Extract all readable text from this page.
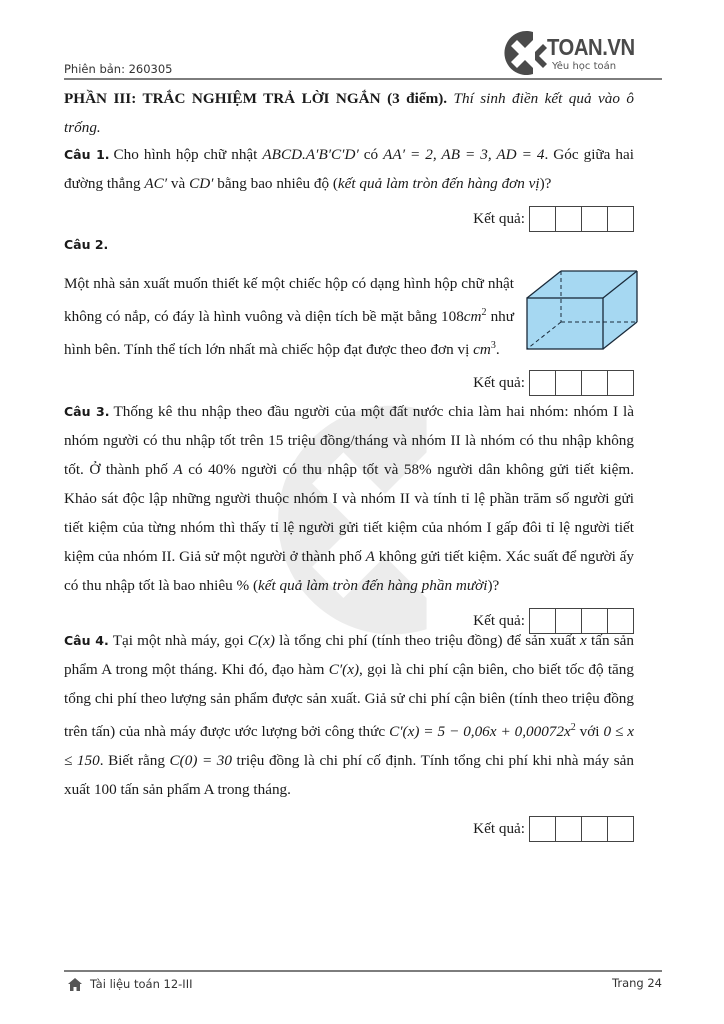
TOAN.VN
Yêu học toán
Phiên bản: 260305

PHẦN III: TRẮC NGHIỆM TRẢ LỜI NGẮN (3 điểm). Thí sinh điền kết quả vào ô trống.

Câu 1. Cho hình hộp chữ nhật ABCD.A′B′C′D′ có AA′ = 2, AB = 3, AD = 4. Góc giữa hai đường thẳng AC′ và CD′ bằng bao nhiêu độ (kết quả làm tròn đến hàng đơn vị)?

Kết quả:

Câu 2.

Một nhà sản xuất muốn thiết kế một chiếc hộp có dạng hình hộp chữ nhật không có nắp, có đáy là hình vuông và diện tích bề mặt bằng $108cm^2$ như hình bên. Tính thể tích lớn nhất mà chiếc hộp đạt được theo đơn vị $cm^3$.

Kết quả:

Câu 3. Thống kê thu nhập theo đầu người của một đất nước chia làm hai nhóm: nhóm I là nhóm người có thu nhập tốt trên 15 triệu đồng/tháng và nhóm II là nhóm có thu nhập không tốt. Ở thành phố A có 40% người có thu nhập tốt và 58% người dân không gửi tiết kiệm. Khảo sát độc lập những người thuộc nhóm I và nhóm II và tính tỉ lệ phần trăm số người gửi tiết kiệm của từng nhóm thì thấy tỉ lệ người gửi tiết kiệm của nhóm I gấp đôi tỉ lệ người tiết kiệm của nhóm II. Giả sử một người ở thành phố A không gửi tiết kiệm. Xác suất để người ấy có thu nhập tốt là bao nhiêu % (kết quả làm tròn đến hàng phần mười)?

Kết quả:

Câu 4. Tại một nhà máy, gọi C(x) là tổng chi phí (tính theo triệu đồng) để sản xuất x tấn sản phẩm A trong một tháng. Khi đó, đạo hàm C′(x), gọi là chi phí cận biên, cho biết tốc độ tăng tổng chi phí theo lượng sản phẩm được sản xuất. Giả sử chi phí cận biên (tính theo triệu đồng trên tấn) của nhà máy được ước lượng bởi công thức $C'(x) = 5 - 0,06x + 0,00072x^2$ với 0 ≤ x ≤ 150. Biết rằng C(0) = 30 triệu đồng là chi phí cố định. Tính tổng chi phí khi nhà máy sản xuất 100 tấn sản phẩm A trong tháng.

Kết quả:
Tài liệu toán 12-III	Trang 24
